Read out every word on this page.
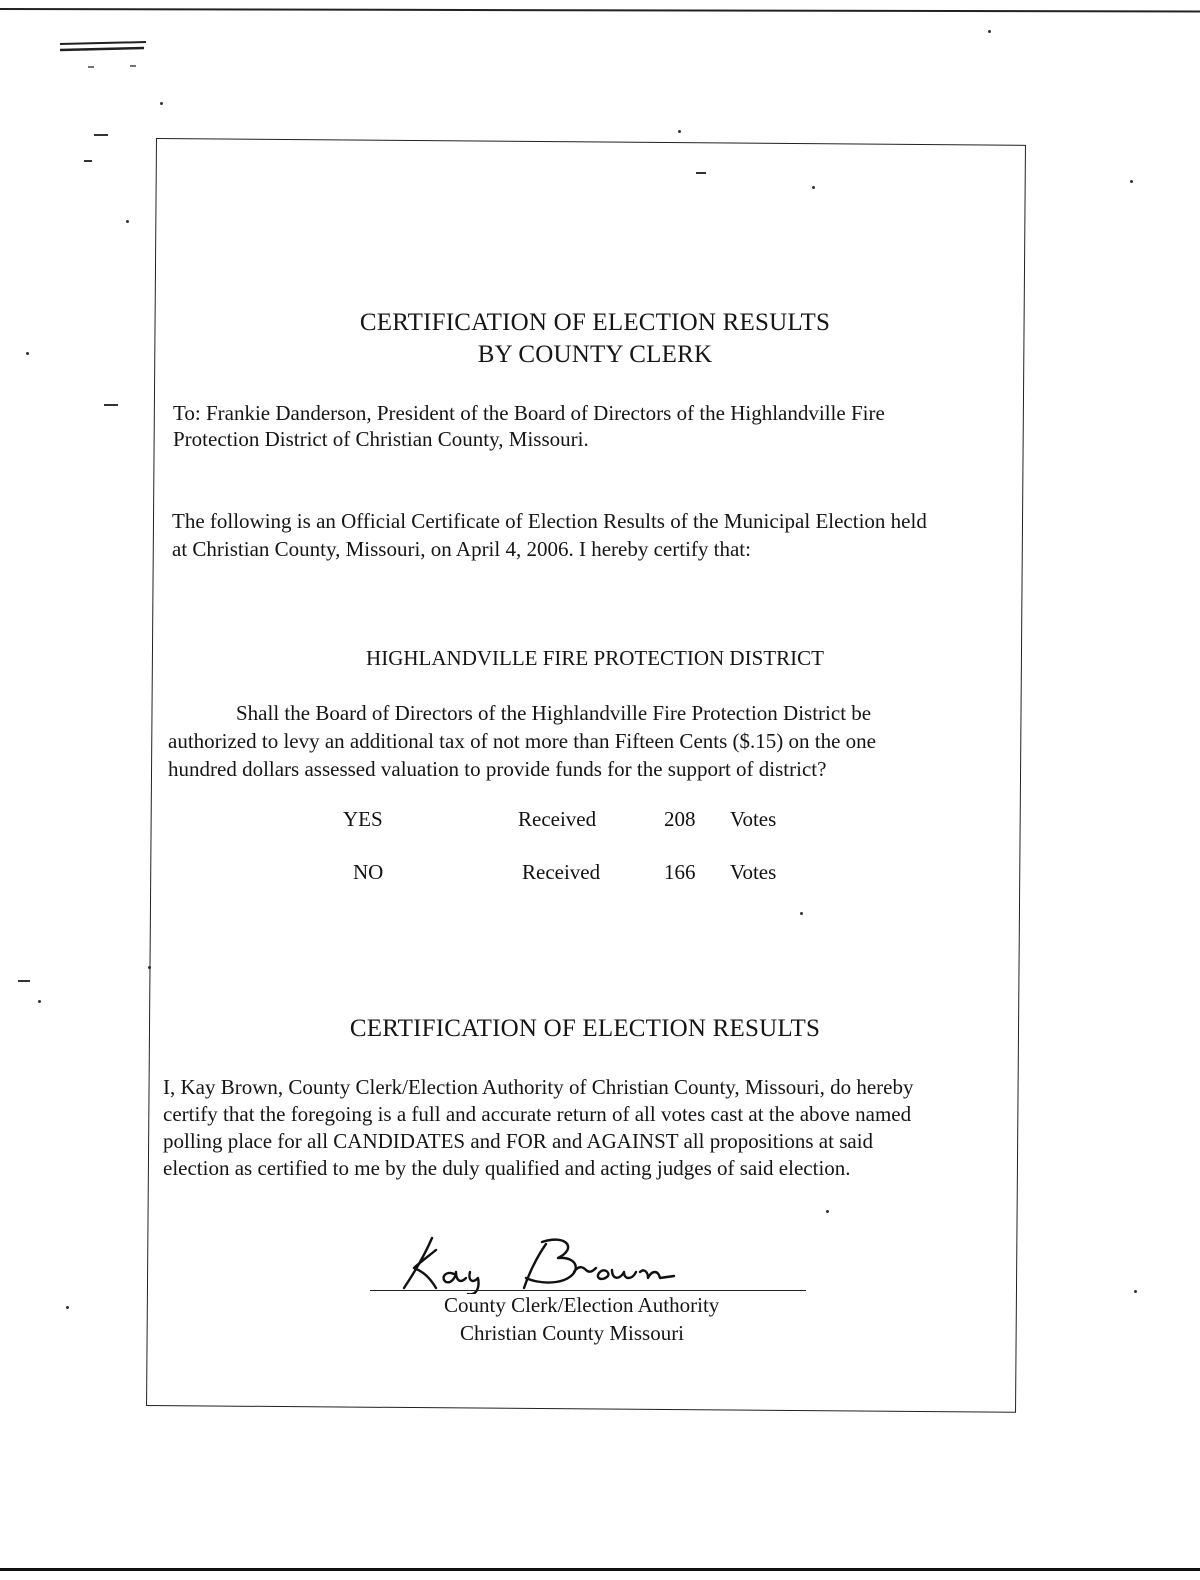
CERTIFICATION OF ELECTION RESULTS
BY COUNTY CLERK
To: Frankie Danderson, President of the Board of Directors of the Highlandville Fire
Protection District of Christian County, Missouri.
The following is an Official Certificate of Election Results of the Municipal Election held
at Christian County, Missouri, on April 4, 2006. I hereby certify that:
HIGHLANDVILLE FIRE PROTECTION DISTRICT
Shall the Board of Directors of the Highlandville Fire Protection District be
authorized to levy an additional tax of not more than Fifteen Cents ($.15) on the one
hundred dollars assessed valuation to provide funds for the support of district?
YES	Received	208 Votes
NO	Received	166 Votes
CERTIFICATION OF ELECTION RESULTS
I, Kay Brown, County Clerk/Election Authority of Christian County, Missouri, do hereby
certify that the foregoing is a full and accurate return of all votes cast at the above named
polling place for all CANDIDATES and FOR and AGAINST all propositions at said
election as certified to me by the duly qualified and acting judges of said election.
County Clerk/Election Authority
Christian County Missouri
